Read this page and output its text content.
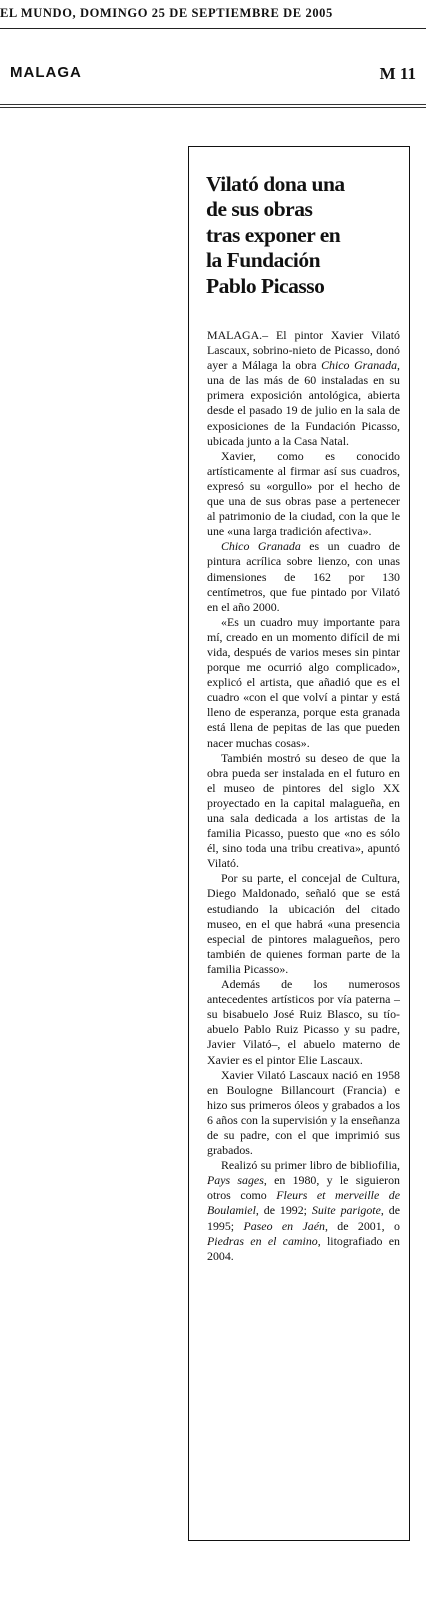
EL MUNDO, DOMINGO 25 DE SEPTIEMBRE DE 2005
MALAGA	M 11
Vilató dona una
de sus obras
tras exponer en
la Fundación
Pablo Picasso

MALAGA.– El pintor Xavier Vilató Lascaux, sobrino-nieto de Picasso, donó ayer a Málaga la obra Chico Granada, una de las más de 60 instaladas en su primera exposición antológica, abierta desde el pasado 19 de julio en la sala de exposiciones de la Fundación Picasso, ubicada junto a la Casa Natal.

Xavier, como es conocido artísticamente al firmar así sus cuadros, expresó su «orgullo» por el hecho de que una de sus obras pase a pertenecer al patrimonio de la ciudad, con la que le une «una larga tradición afectiva».

Chico Granada es un cuadro de pintura acrílica sobre lienzo, con unas dimensiones de 162 por 130 centímetros, que fue pintado por Vilató en el año 2000.

«Es un cuadro muy importante para mí, creado en un momento difícil de mi vida, después de varios meses sin pintar porque me ocurrió algo complicado», explicó el artista, que añadió que es el cuadro «con el que volví a pintar y está lleno de esperanza, porque esta granada está llena de pepitas de las que pueden nacer muchas cosas».

También mostró su deseo de que la obra pueda ser instalada en el futuro en el museo de pintores del siglo XX proyectado en la capital malagueña, en una sala dedicada a los artistas de la familia Picasso, puesto que «no es sólo él, sino toda una tribu creativa», apuntó Vilató.

Por su parte, el concejal de Cultura, Diego Maldonado, señaló que se está estudiando la ubicación del citado museo, en el que habrá «una presencia especial de pintores malagueños, pero también de quienes forman parte de la familia Picasso».

Además de los numerosos antecedentes artísticos por vía paterna –su bisabuelo José Ruiz Blasco, su tío-abuelo Pablo Ruiz Picasso y su padre, Javier Vilató–, el abuelo materno de Xavier es el pintor Elie Lascaux.

Xavier Vilató Lascaux nació en 1958 en Boulogne Billancourt (Francia) e hizo sus primeros óleos y grabados a los 6 años con la supervisión y la enseñanza de su padre, con el que imprimió sus grabados.

Realizó su primer libro de bibliofilia, Pays sages, en 1980, y le siguieron otros como Fleurs et merveille de Boulamiel, de 1992; Suite parigote, de 1995; Paseo en Jaén, de 2001, o Piedras en el camino, litografiado en 2004.
